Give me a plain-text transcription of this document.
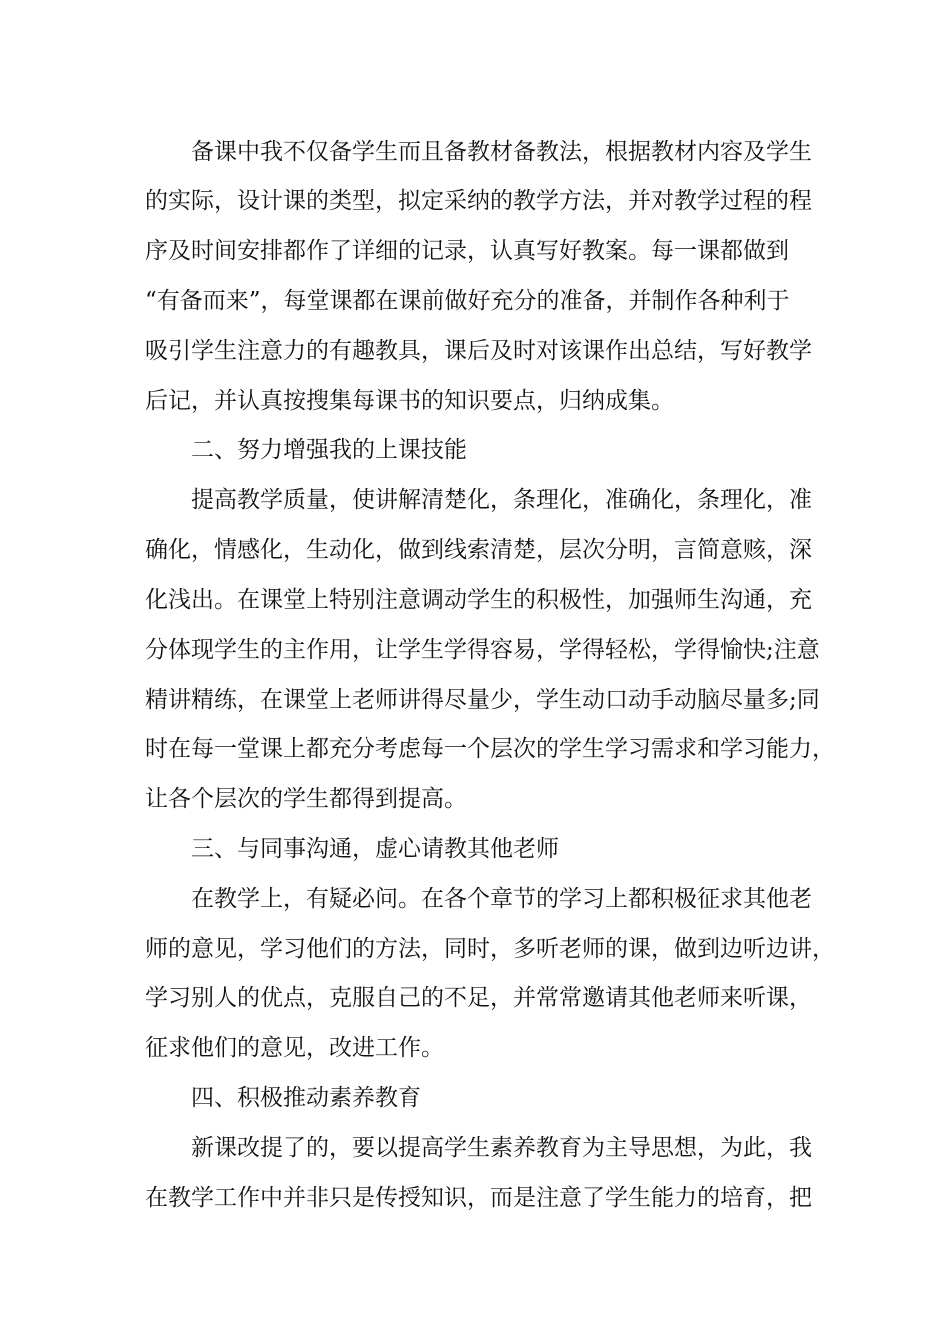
备课中我不仅备学生而且备教材备教法，根据教材内容及学生
的实际，设计课的类型，拟定采纳的教学方法，并对教学过程的程
序及时间安排都作了详细的记录，认真写好教案。每一课都做到
“有备而来”，每堂课都在课前做好充分的准备，并制作各种利于
吸引学生注意力的有趣教具，课后及时对该课作出总结，写好教学
后记，并认真按搜集每课书的知识要点，归纳成集。
二、努力增强我的上课技能
提高教学质量，使讲解清楚化，条理化，准确化，条理化，准
确化，情感化，生动化，做到线索清楚，层次分明，言简意赅，深
化浅出。在课堂上特别注意调动学生的积极性，加强师生沟通，充
分体现学生的主作用，让学生学得容易，学得轻松，学得愉快;注意
精讲精练，在课堂上老师讲得尽量少，学生动口动手动脑尽量多;同
时在每一堂课上都充分考虑每一个层次的学生学习需求和学习能力，
让各个层次的学生都得到提高。
三、与同事沟通，虚心请教其他老师
在教学上，有疑必问。在各个章节的学习上都积极征求其他老
师的意见，学习他们的方法，同时，多听老师的课，做到边听边讲，
学习别人的优点，克服自己的不足，并常常邀请其他老师来听课，
征求他们的意见，改进工作。
四、积极推动素养教育
新课改提了的，要以提高学生素养教育为主导思想，为此，我
在教学工作中并非只是传授知识，而是注意了学生能力的培育，把
